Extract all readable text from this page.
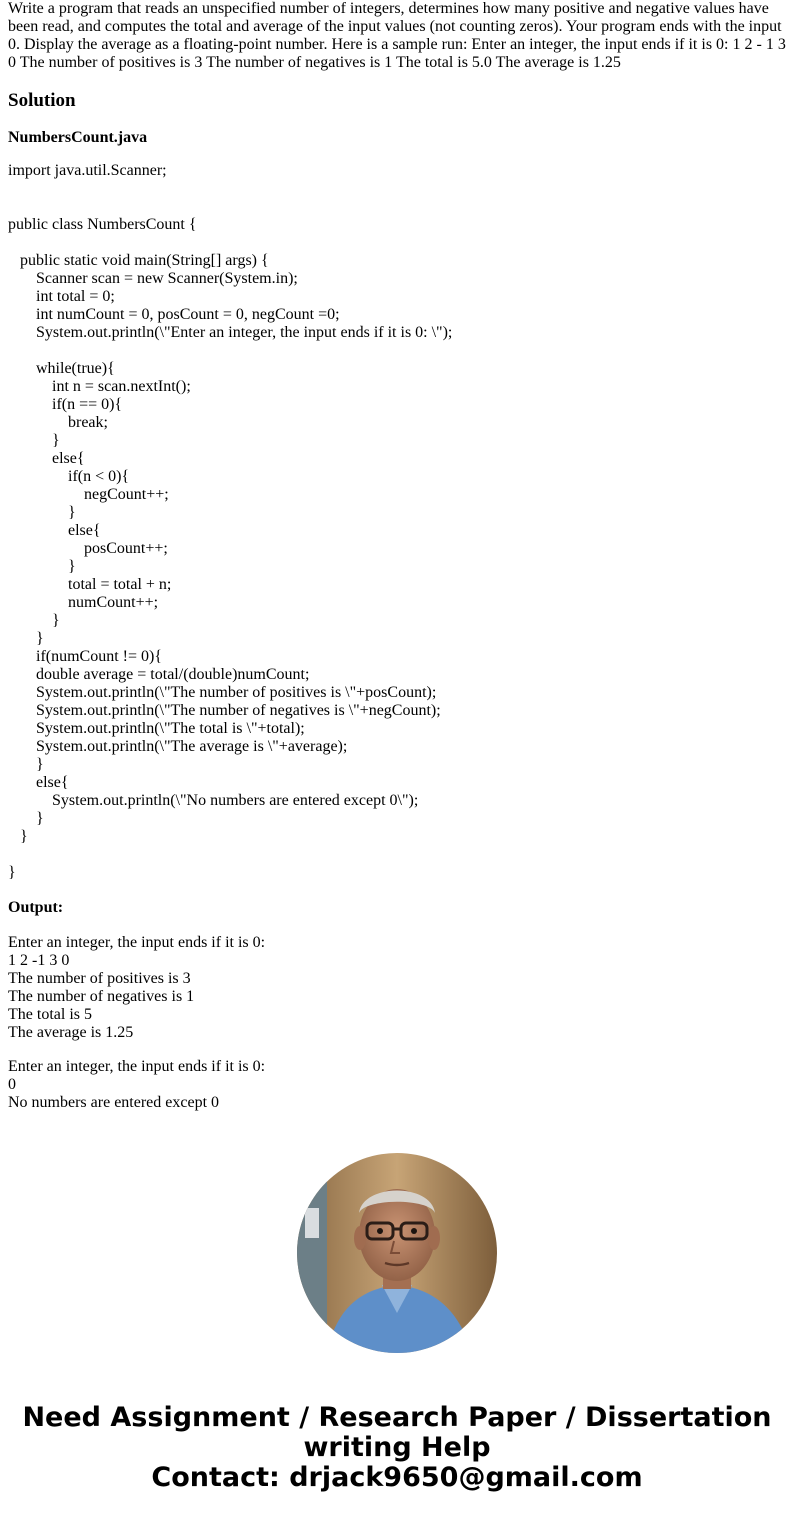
Write a program that reads an unspecified number of integers, determines how many positive and negative values have been read, and computes the total and average of the input values (not counting zeros). Your program ends with the input 0. Display the average as a floating-point number. Here is a sample run: Enter an integer, the input ends if it is 0: 1 2 - 1 3 0 The number of positives is 3 The number of negatives is 1 The total is 5.0 The average is 1.25

Solution
NumbersCount.java
import java.util.Scanner;
public class NumbersCount {
public static void main(String[] args) {
Scanner scan = new Scanner(System.in);
int total = 0;
int numCount = 0, posCount = 0, negCount =0;
System.out.println(\"Enter an integer, the input ends if it is 0: \");
while(true){
int n = scan.nextInt();
if(n == 0){
break;
}
else{
if(n < 0){
negCount++;
}
else{
posCount++;
}
total = total + n;
numCount++;
}
}
if(numCount != 0){
double average = total/(double)numCount;
System.out.println(\"The number of positives is \"+posCount);
System.out.println(\"The number of negatives is \"+negCount);
System.out.println(\"The total is \"+total);
System.out.println(\"The average is \"+average);
}
else{
System.out.println(\"No numbers are entered except 0\");
}
}
}
Output:
Enter an integer, the input ends if it is 0:
1 2 -1 3 0
The number of positives is 3
The number of negatives is 1
The total is 5
The average is 1.25
Enter an integer, the input ends if it is 0:
0
No numbers are entered except 0
Need Assignment / Research Paper / Dissertation
writing Help
Contact: drjack9650@gmail.com
